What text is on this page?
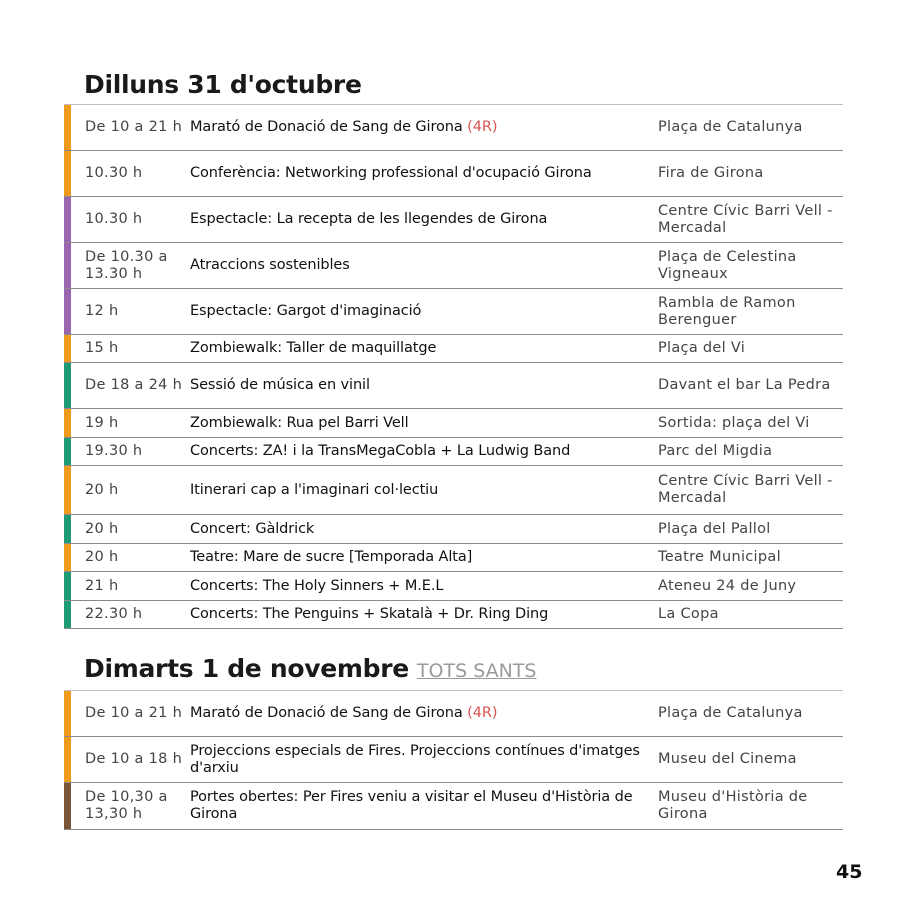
Dilluns 31 d'octubre
	De 10 a 21 h	Marató de Donació de Sang de Girona (4R)	Plaça de Catalunya
	10.30 h	Conferència: Networking professional d'ocupació Girona	Fira de Girona
	10.30 h	Espectacle: La recepta de les llegendes de Girona	Centre Cívic Barri Vell - Mercadal
	De 10.30 a 13.30 h	Atraccions sostenibles	Plaça de Celestina Vigneaux
	12 h	Espectacle: Gargot d'imaginació	Rambla de Ramon Berenguer
	15 h	Zombiewalk: Taller de maquillatge	Plaça del Vi
	De 18 a 24 h	Sessió de música en vinil	Davant el bar La Pedra
	19 h	Zombiewalk: Rua pel Barri Vell	Sortida: plaça del Vi
	19.30 h	Concerts: ZA! i la TransMegaCobla + La Ludwig Band	Parc del Migdia
	20 h	Itinerari cap a l'imaginari col·lectiu	Centre Cívic Barri Vell - Mercadal
	20 h	Concert: Gàldrick	Plaça del Pallol
	20 h	Teatre: Mare de sucre [Temporada Alta]	Teatre Municipal
	21 h	Concerts: The Holy Sinners + M.E.L	Ateneu 24 de Juny
	22.30 h	Concerts: The Penguins + Skatalà + Dr. Ring Ding	La Copa
Dimarts 1 de novembre TOTS SANTS
	De 10 a 21 h	Marató de Donació de Sang de Girona (4R)	Plaça de Catalunya
	De 10 a 18 h	Projeccions especials de Fires. Projeccions contínues d'imatges d'arxiu	Museu del Cinema
	De 10,30 a 13,30 h	Portes obertes: Per Fires veniu a visitar el Museu d'Història de Girona	Museu d'Història de Girona
45
